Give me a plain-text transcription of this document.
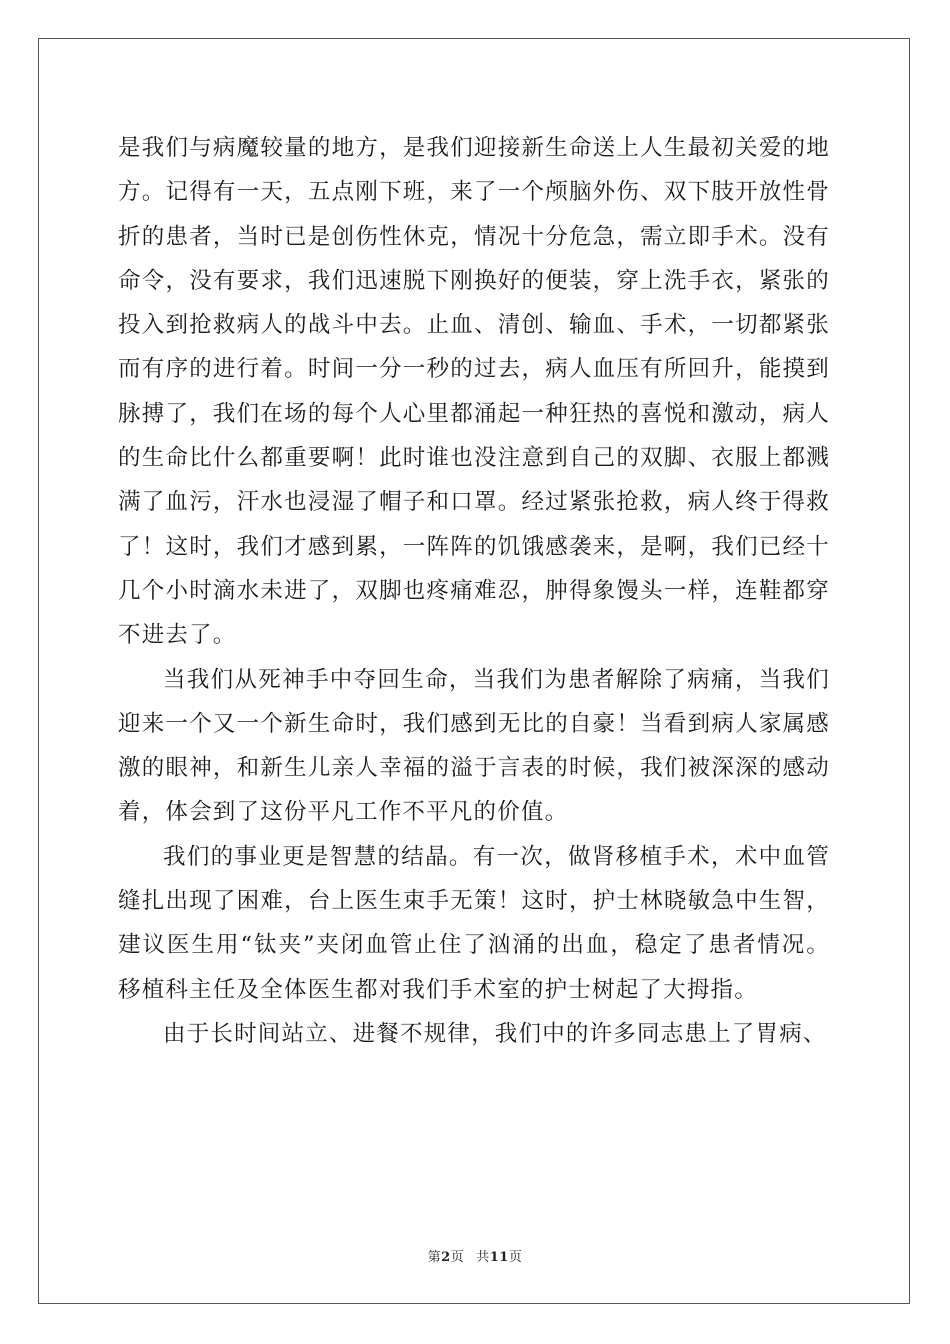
是我们与病魔较量的地方，是我们迎接新生命送上人生最初关爱的地方。记得有一天，五点刚下班，来了一个颅脑外伤、双下肢开放性骨折的患者，当时已是创伤性休克，情况十分危急，需立即手术。没有命令，没有要求，我们迅速脱下刚换好的便装，穿上洗手衣，紧张的投入到抢救病人的战斗中去。止血、清创、输血、手术，一切都紧张而有序的进行着。时间一分一秒的过去，病人血压有所回升，能摸到脉搏了，我们在场的每个人心里都涌起一种狂热的喜悦和激动，病人的生命比什么都重要啊！此时谁也没注意到自己的双脚、衣服上都溅满了血污，汗水也浸湿了帽子和口罩。经过紧张抢救，病人终于得救了！这时，我们才感到累，一阵阵的饥饿感袭来，是啊，我们已经十几个小时滴水未进了，双脚也疼痛难忍，肿得象馒头一样，连鞋都穿不进去了。

当我们从死神手中夺回生命，当我们为患者解除了病痛，当我们迎来一个又一个新生命时，我们感到无比的自豪！当看到病人家属感激的眼神，和新生儿亲人幸福的溢于言表的时候，我们被深深的感动着，体会到了这份平凡工作不平凡的价值。

我们的事业更是智慧的结晶。有一次，做肾移植手术，术中血管缝扎出现了困难，台上医生束手无策！这时，护士林晓敏急中生智，建议医生用“钛夹”夹闭血管止住了汹涌的出血，稳定了患者情况。移植科主任及全体医生都对我们手术室的护士树起了大拇指。

由于长时间站立、进餐不规律，我们中的许多同志患上了胃病、

第2页 共11页
